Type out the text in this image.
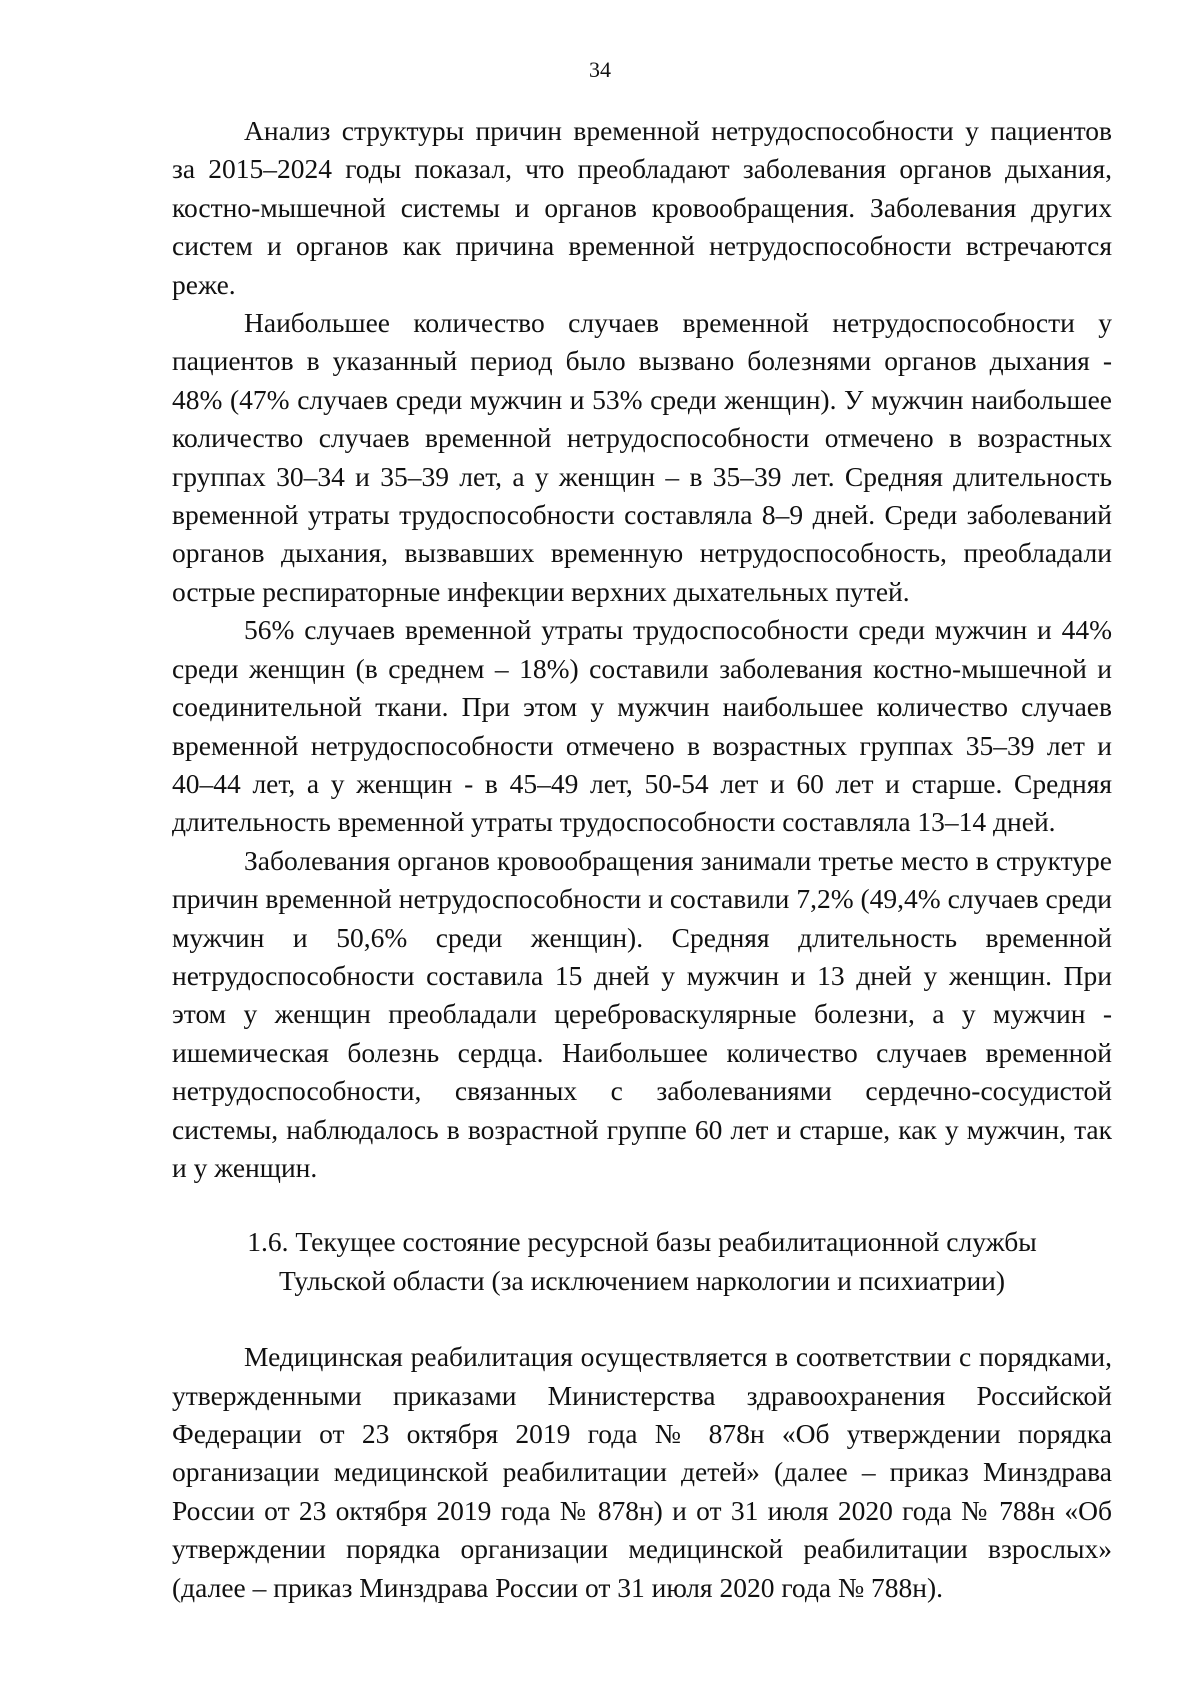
34

Анализ структуры причин временной нетрудоспособности у пациентов за 2015–2024 годы показал, что преобладают заболевания органов дыхания, костно-мышечной системы и органов кровообращения. Заболевания других систем и органов как причина временной нетрудоспособности встречаются реже.

Наибольшее количество случаев временной нетрудоспособности у пациентов в указанный период было вызвано болезнями органов дыхания - 48% (47% случаев среди мужчин и 53% среди женщин). У мужчин наибольшее количество случаев временной нетрудоспособности отмечено в возрастных группах 30–34 и 35–39 лет, а у женщин – в 35–39 лет. Средняя длительность временной утраты трудоспособности составляла 8–9 дней. Среди заболеваний органов дыхания, вызвавших временную нетрудоспособность, преобладали острые респираторные инфекции верхних дыхательных путей.

56% случаев временной утраты трудоспособности среди мужчин и 44% среди женщин (в среднем – 18%) составили заболевания костно-мышечной и соединительной ткани. При этом у мужчин наибольшее количество случаев временной нетрудоспособности отмечено в возрастных группах 35–39 лет и 40–44 лет, а у женщин - в 45–49 лет, 50-54 лет и 60 лет и старше. Средняя длительность временной утраты трудоспособности составляла 13–14 дней.

Заболевания органов кровообращения занимали третье место в структуре причин временной нетрудоспособности и составили 7,2% (49,4% случаев среди мужчин и 50,6% среди женщин). Средняя длительность временной нетрудоспособности составила 15 дней у мужчин и 13 дней у женщин. При этом у женщин преобладали цереброваскулярные болезни, а у мужчин - ишемическая болезнь сердца. Наибольшее количество случаев временной нетрудоспособности, связанных с заболеваниями сердечно-сосудистой системы, наблюдалось в возрастной группе 60 лет и старше, как у мужчин, так и у женщин.

1.6. Текущее состояние ресурсной базы реабилитационной службы
Тульской области (за исключением наркологии и психиатрии)

Медицинская реабилитация осуществляется в соответствии с порядками, утвержденными приказами Министерства здравоохранения Российской Федерации от 23 октября 2019 года № 878н «Об утверждении порядка организации медицинской реабилитации детей» (далее – приказ Минздрава России от 23 октября 2019 года № 878н) и от 31 июля 2020 года № 788н «Об утверждении порядка организации медицинской реабилитации взрослых» (далее – приказ Минздрава России от 31 июля 2020 года № 788н).
